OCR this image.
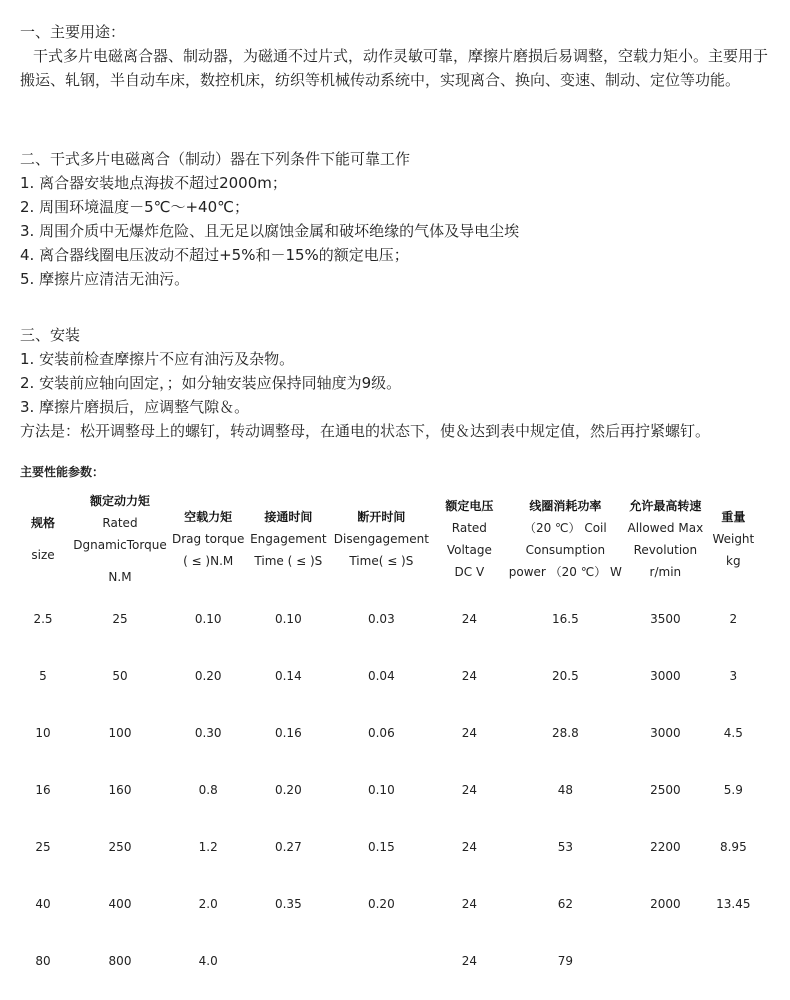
一、主要用途：

干式多片电磁离合器、制动器，为磁通不过片式，动作灵敏可靠，摩擦片磨损后易调整，空载力矩小。主要用于搬运、轧钢，半自动车床，数控机床，纺织等机械传动系统中，实现离合、换向、变速、制动、定位等功能。

二、干式多片电磁离合（制动）器在下列条件下能可靠工作

1. 离合器安装地点海拔不超过2000m；

2. 周围环境温度－5℃～+40℃；

3. 周围介质中无爆炸危险、且无足以腐蚀金属和破坏绝缘的气体及导电尘埃

4. 离合器线圈电压波动不超过+5%和－15%的额定电压；

5. 摩擦片应清洁无油污。

三、安装

1. 安装前检查摩擦片不应有油污及杂物。

2. 安装前应轴向固定，；如分轴安装应保持同轴度为9级。

3. 摩擦片磨损后，应调整气隙＆。

方法是：松开调整母上的螺钉，转动调整母，在通电的状态下，使＆达到表中规定值，然后再拧紧螺钉。

主要性能参数：

规格
size	额定动力矩
Rated
DgnamicTorque
N.M	空载力矩
Drag torque
( ≤ )N.M	接通时间
Engagement
Time ( ≤ )S	断开时间
Disengagement
Time( ≤ )S	额定电压
Rated
Voltage
DC V	线圈消耗功率
（20 ℃） Coil
Consumption
power （20 ℃） W	允许最高转速
Allowed Max
Revolution
r/min	重量
Weight
kg

2.5	25	0.10	0.10	0.03	24	16.5	3500	2
5	50	0.20	0.14	0.04	24	20.5	3000	3
10	100	0.30	0.16	0.06	24	28.8	3000	4.5
16	160	0.8	0.20	0.10	24	48	2500	5.9
25	250	1.2	0.27	0.15	24	53	2200	8.95
40	400	2.0	0.35	0.20	24	62	2000	13.45
80	800	4.0			24	79		
